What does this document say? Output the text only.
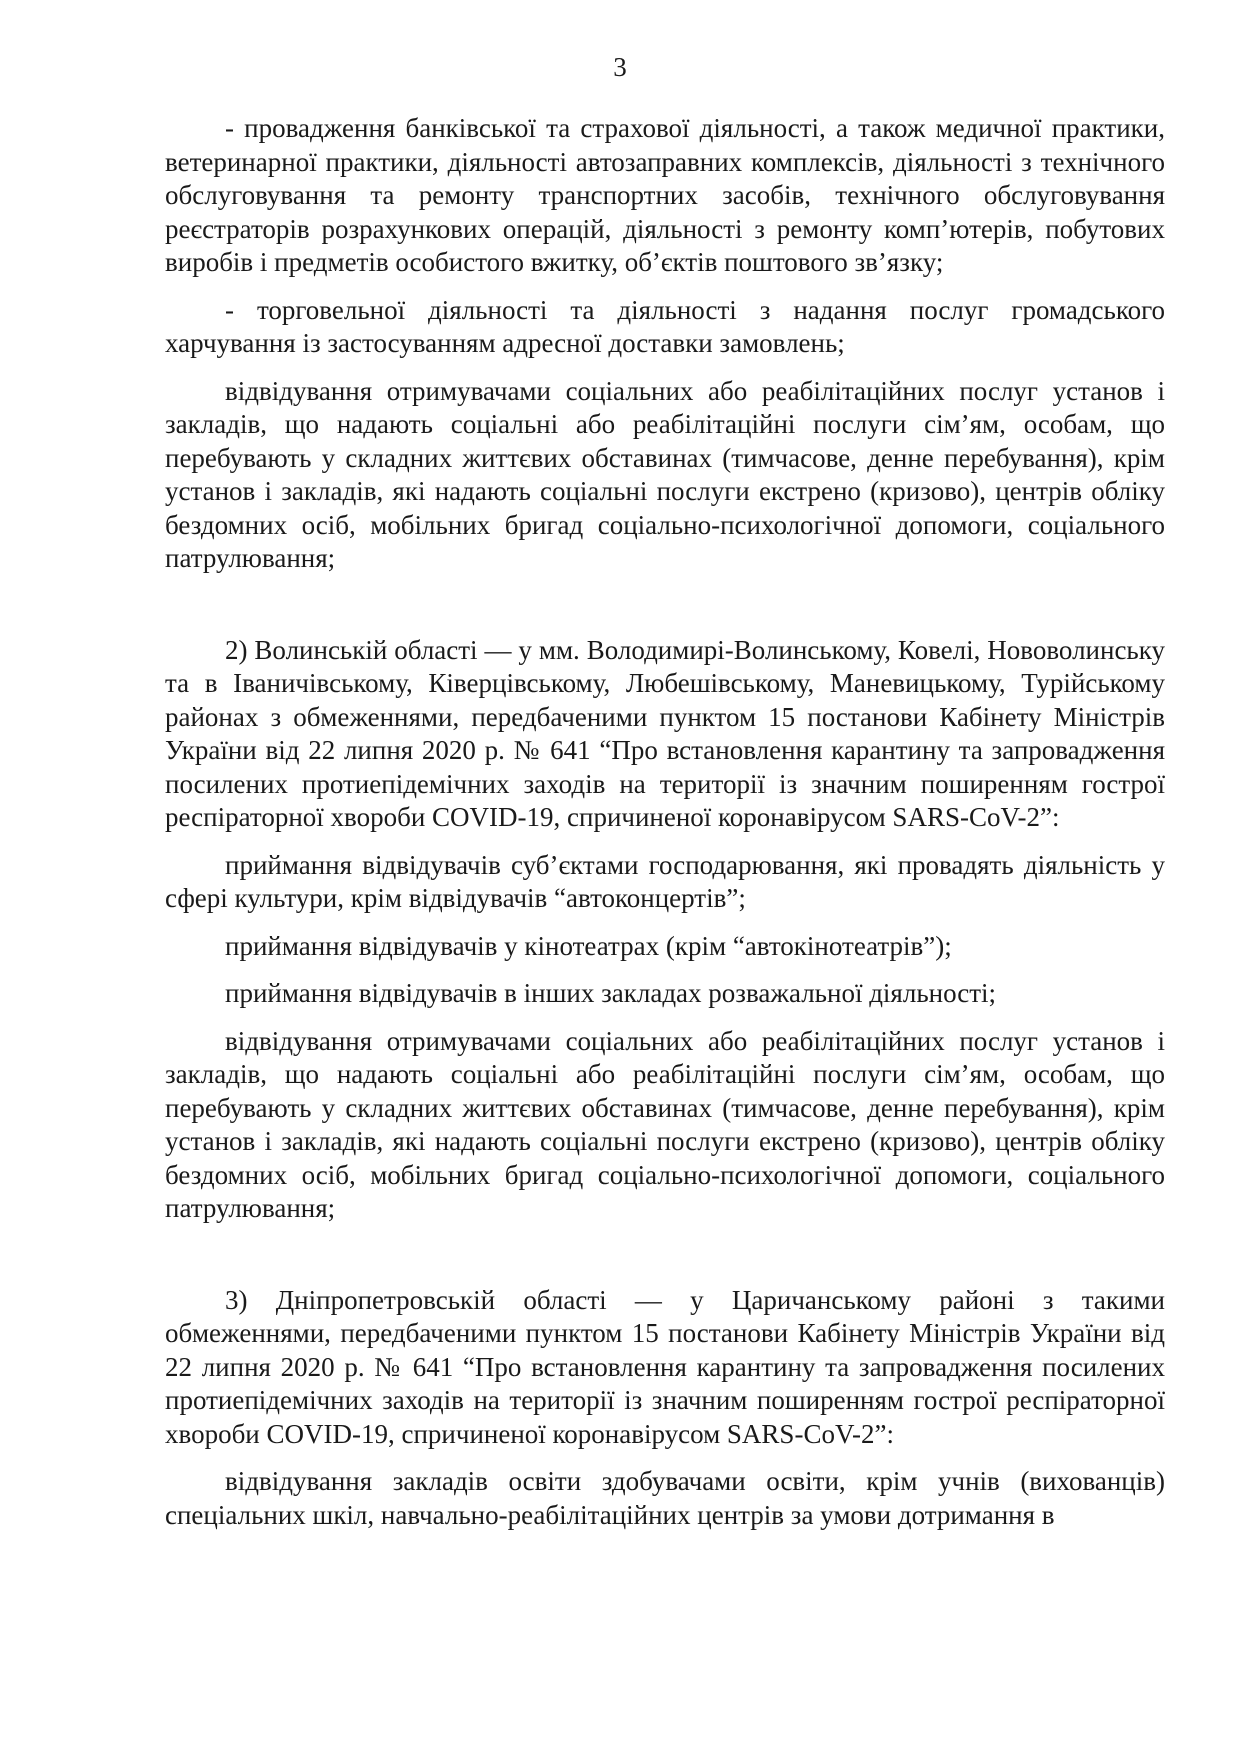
3

- провадження банківської та страхової діяльності, а також медичної практики, ветеринарної практики, діяльності автозаправних комплексів, діяльності з технічного обслуговування та ремонту транспортних засобів, технічного обслуговування реєстраторів розрахункових операцій, діяльності з ремонту комп’ютерів, побутових виробів і предметів особистого вжитку, об’єктів поштового зв’язку;

- торговельної діяльності та діяльності з надання послуг громадського харчування із застосуванням адресної доставки замовлень;

відвідування отримувачами соціальних або реабілітаційних послуг установ і закладів, що надають соціальні або реабілітаційні послуги сім’ям, особам, що перебувають у складних життєвих обставинах (тимчасове, денне перебування), крім установ і закладів, які надають соціальні послуги екстрено (кризово), центрів обліку бездомних осіб, мобільних бригад соціально-психологічної допомоги, соціального патрулювання;

2) Волинській області — у мм. Володимирі-Волинському, Ковелі, Нововолинську та в Іваничівському, Ківерцівському, Любешівському, Маневицькому, Турійському районах з обмеженнями, передбаченими пунктом 15 постанови Кабінету Міністрів України від 22 липня 2020 р. № 641 “Про встановлення карантину та запровадження посилених протиепідемічних заходів на території із значним поширенням гострої респіраторної хвороби COVID-19, спричиненої коронавірусом SARS-CoV-2”:

приймання відвідувачів суб’єктами господарювання, які провадять діяльність у сфері культури, крім відвідувачів “автоконцертів”;

приймання відвідувачів у кінотеатрах (крім “автокінотеатрів”);

приймання відвідувачів в інших закладах розважальної діяльності;

відвідування отримувачами соціальних або реабілітаційних послуг установ і закладів, що надають соціальні або реабілітаційні послуги сім’ям, особам, що перебувають у складних життєвих обставинах (тимчасове, денне перебування), крім установ і закладів, які надають соціальні послуги екстрено (кризово), центрів обліку бездомних осіб, мобільних бригад соціально-психологічної допомоги, соціального патрулювання;

3) Дніпропетровській області — у Царичанському районі з такими обмеженнями, передбаченими пунктом 15 постанови Кабінету Міністрів України від 22 липня 2020 р. № 641 “Про встановлення карантину та запровадження посилених протиепідемічних заходів на території із значним поширенням гострої респіраторної хвороби COVID-19, спричиненої коронавірусом SARS-CoV-2”:

відвідування закладів освіти здобувачами освіти, крім учнів (вихованців) спеціальних шкіл, навчально-реабілітаційних центрів за умови дотримання в
